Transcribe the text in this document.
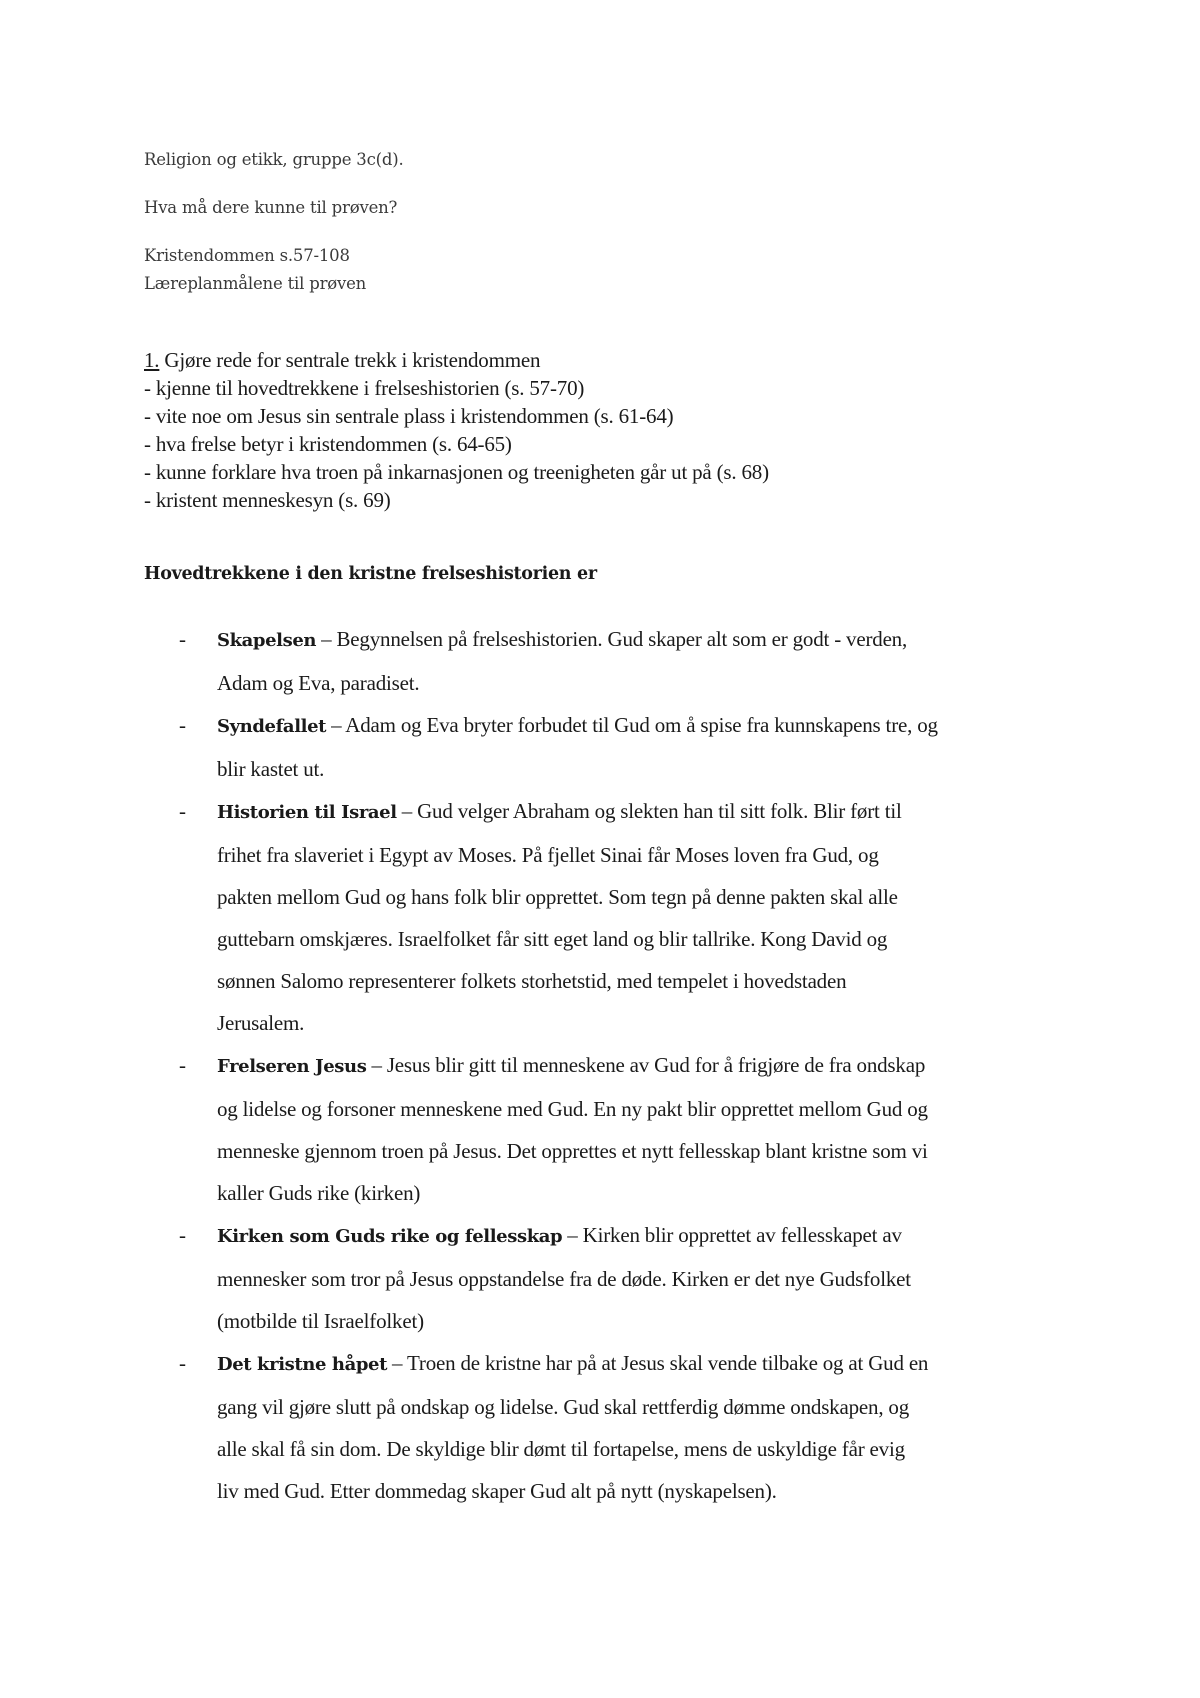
Religion og etikk, gruppe 3c(d).

Hva må dere kunne til prøven?

Kristendommen s.57-108

Læreplanmålene til prøven

1. Gjøre rede for sentrale trekk i kristendommen

- kjenne til hovedtrekkene i frelseshistorien (s. 57-70)

- vite noe om Jesus sin sentrale plass i kristendommen (s. 61-64)

- hva frelse betyr i kristendommen (s. 64-65)

- kunne forklare hva troen på inkarnasjonen og treenigheten går ut på (s. 68)

- kristent menneskesyn (s. 69)

Hovedtrekkene i den kristne frelseshistorien er
- Skapelsen – Begynnelsen på frelseshistorien. Gud skaper alt som er godt - verden,
Adam og Eva, paradiset.
- Syndefallet – Adam og Eva bryter forbudet til Gud om å spise fra kunnskapens tre, og
blir kastet ut.
- Historien til Israel – Gud velger Abraham og slekten han til sitt folk. Blir ført til
frihet fra slaveriet i Egypt av Moses. På fjellet Sinai får Moses loven fra Gud, og
pakten mellom Gud og hans folk blir opprettet. Som tegn på denne pakten skal alle
guttebarn omskjæres. Israelfolket får sitt eget land og blir tallrike. Kong David og
sønnen Salomo representerer folkets storhetstid, med tempelet i hovedstaden
Jerusalem.
- Frelseren Jesus – Jesus blir gitt til menneskene av Gud for å frigjøre de fra ondskap
og lidelse og forsoner menneskene med Gud. En ny pakt blir opprettet mellom Gud og
menneske gjennom troen på Jesus. Det opprettes et nytt fellesskap blant kristne som vi
kaller Guds rike (kirken)
- Kirken som Guds rike og fellesskap – Kirken blir opprettet av fellesskapet av
mennesker som tror på Jesus oppstandelse fra de døde. Kirken er det nye Gudsfolket
(motbilde til Israelfolket)
- Det kristne håpet – Troen de kristne har på at Jesus skal vende tilbake og at Gud en
gang vil gjøre slutt på ondskap og lidelse. Gud skal rettferdig dømme ondskapen, og
alle skal få sin dom. De skyldige blir dømt til fortapelse, mens de uskyldige får evig
liv med Gud. Etter dommedag skaper Gud alt på nytt (nyskapelsen).
